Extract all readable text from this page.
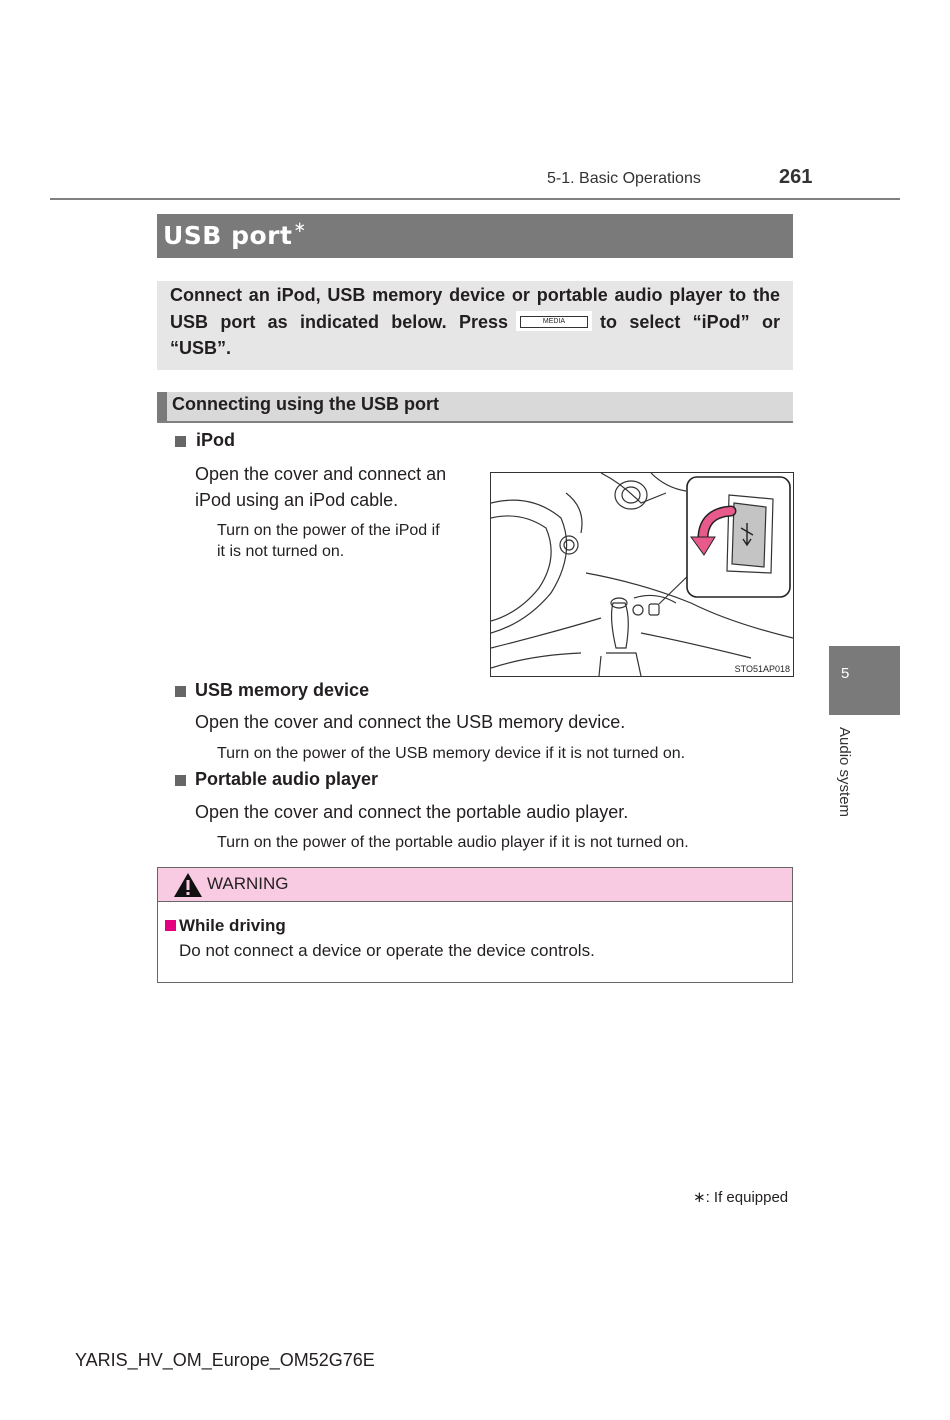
5-1. Basic Operations	261
USB port∗
Connect an iPod, USB memory device or portable audio player to the USB port as indicated below. Press	MEDIA	to select “iPod” or “USB”.
Connecting using the USB port
iPod
Open the cover and connect an
iPod using an iPod cable.
Turn on the power of the iPod if
it is not turned on.
STO51AP018
USB memory device
Open the cover and connect the USB memory device.
Turn on the power of the USB memory device if it is not turned on.
Portable audio player
Open the cover and connect the portable audio player.
Turn on the power of the portable audio player if it is not turned on.
5
Audio system
WARNING
While driving
Do not connect a device or operate the device controls.
∗: If equipped
YARIS_HV_OM_Europe_OM52G76E
